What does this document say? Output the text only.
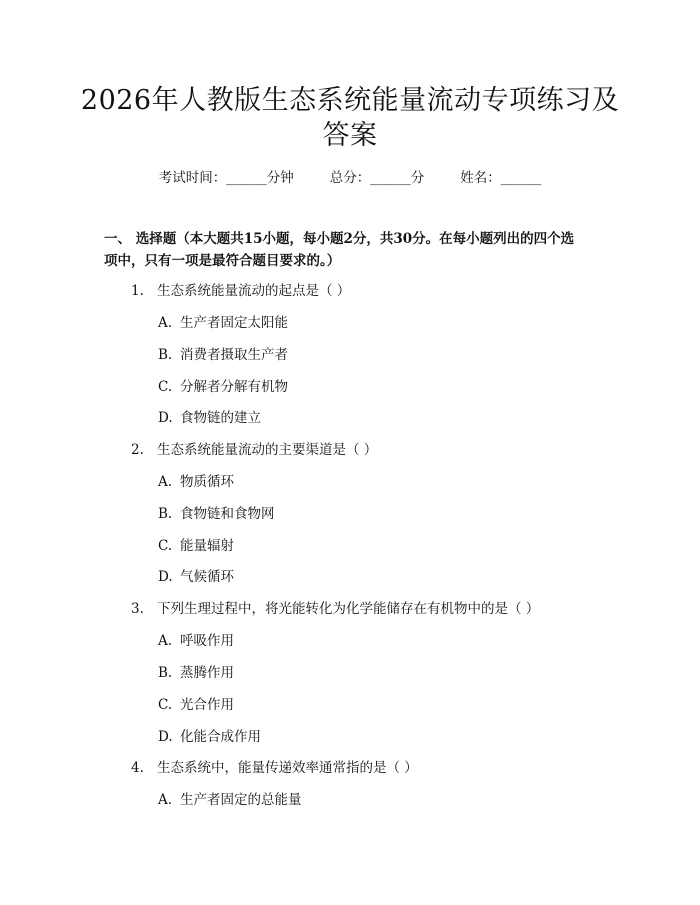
2026年人教版生态系统能量流动专项练习及
答案
考试时间：______分钟	总分：______分	姓名：______
一、 选择题（本大题共15小题，每小题2分，共30分。在每小题列出的四个选
项中，只有一项是最符合题目要求的。）
1. 生态系统能量流动的起点是（ ）
A. 生产者固定太阳能
B. 消费者摄取生产者
C. 分解者分解有机物
D. 食物链的建立
2. 生态系统能量流动的主要渠道是（ ）
A. 物质循环
B. 食物链和食物网
C. 能量辐射
D. 气候循环
3. 下列生理过程中，将光能转化为化学能储存在有机物中的是（ ）
A. 呼吸作用
B. 蒸腾作用
C. 光合作用
D. 化能合成作用
4. 生态系统中，能量传递效率通常指的是（ ）
A. 生产者固定的总能量
